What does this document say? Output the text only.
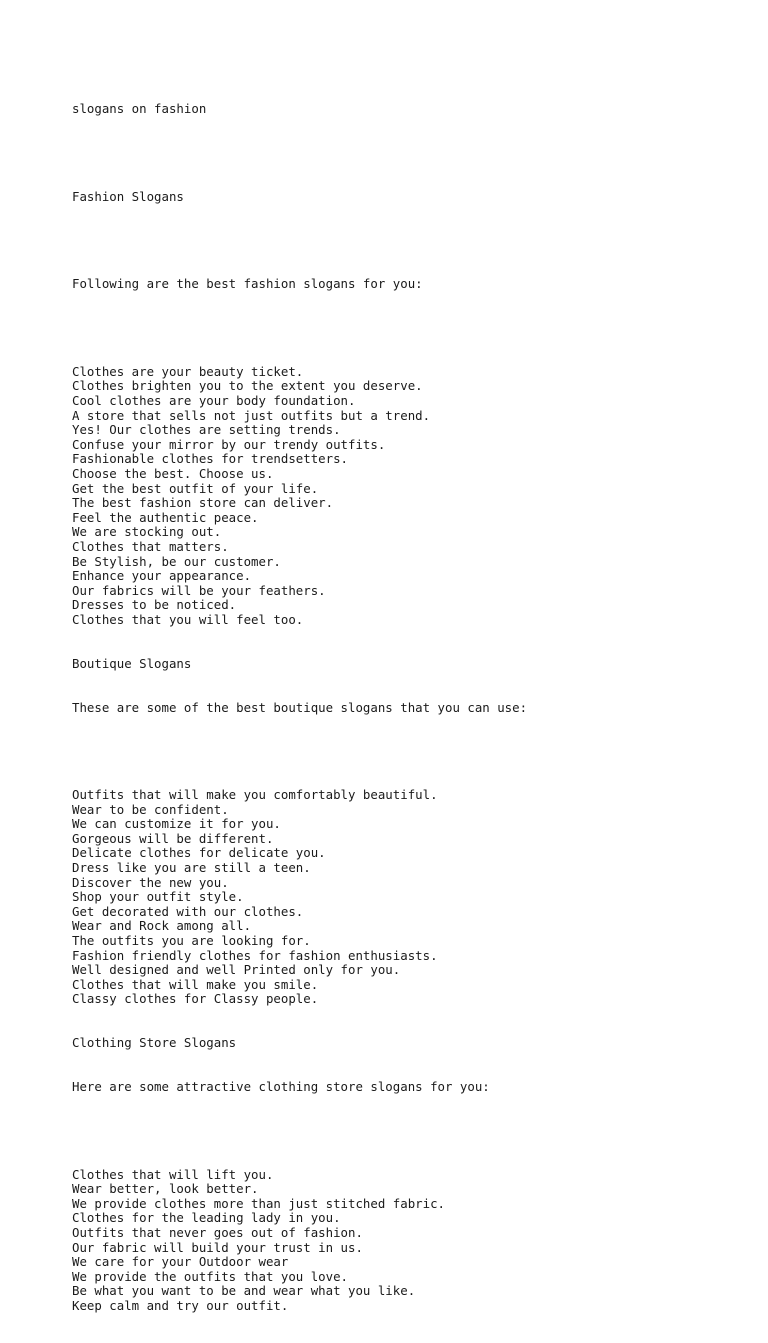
slogans on fashion

Fashion Slogans

Following are the best fashion slogans for you:

Clothes are your beauty ticket.
Clothes brighten you to the extent you deserve.
Cool clothes are your body foundation.
A store that sells not just outfits but a trend.
Yes! Our clothes are setting trends.
Confuse your mirror by our trendy outfits.
Fashionable clothes for trendsetters.
Choose the best. Choose us.
Get the best outfit of your life.
The best fashion store can deliver.
Feel the authentic peace.
We are stocking out.
Clothes that matters.
Be Stylish, be our customer.
Enhance your appearance.
Our fabrics will be your feathers.
Dresses to be noticed.
Clothes that you will feel too.

Boutique Slogans

These are some of the best boutique slogans that you can use:

Outfits that will make you comfortably beautiful.
Wear to be confident.
We can customize it for you.
Gorgeous will be different.
Delicate clothes for delicate you.
Dress like you are still a teen.
Discover the new you.
Shop your outfit style.
Get decorated with our clothes.
Wear and Rock among all.
The outfits you are looking for.
Fashion friendly clothes for fashion enthusiasts.
Well designed and well Printed only for you.
Clothes that will make you smile.
Classy clothes for Classy people.

Clothing Store Slogans

Here are some attractive clothing store slogans for you:

Clothes that will lift you.
Wear better, look better.
We provide clothes more than just stitched fabric.
Clothes for the leading lady in you.
Outfits that never goes out of fashion.
Our fabric will build your trust in us.
We care for your Outdoor wear
We provide the outfits that you love.
Be what you want to be and wear what you like.
Keep calm and try our outfit.
